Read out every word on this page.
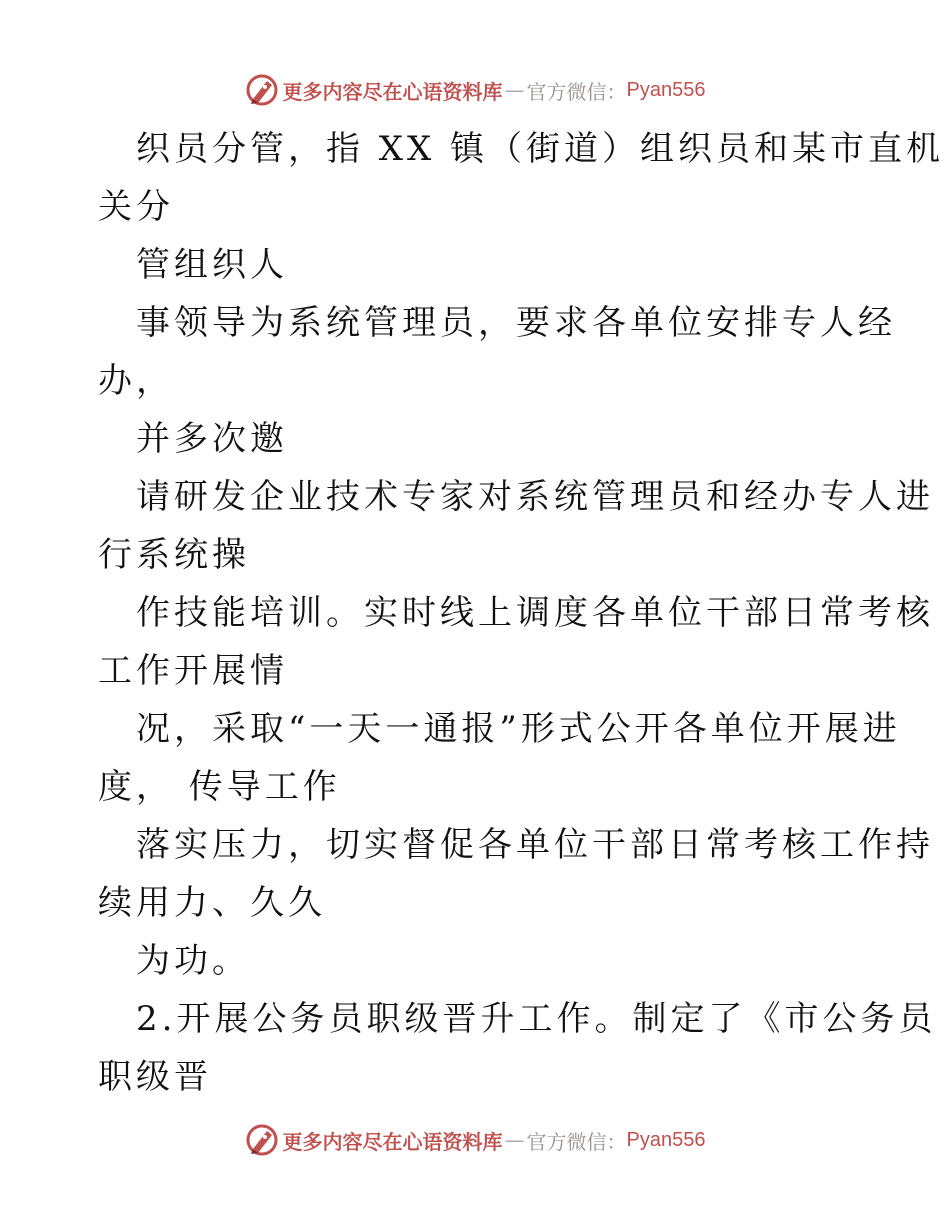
更多内容尽在心语资料库 — 官方微信： Pyan556
织员分管，指 XX 镇（街道）组织员和某市直机
关分
管组织人
事领导为系统管理员，要求各单位安排专人经
办，
并多次邀
请研发企业技术专家对系统管理员和经办专人进
行系统操
作技能培训。实时线上调度各单位干部日常考核
工作开展情
况，采取“一天一通报”形式公开各单位开展进
度， 传导工作
落实压力，切实督促各单位干部日常考核工作持
续用力、久久
为功。
2.开展公务员职级晋升工作。制定了《市公务员
职级晋
更多内容尽在心语资料库 — 官方微信： Pyan556
